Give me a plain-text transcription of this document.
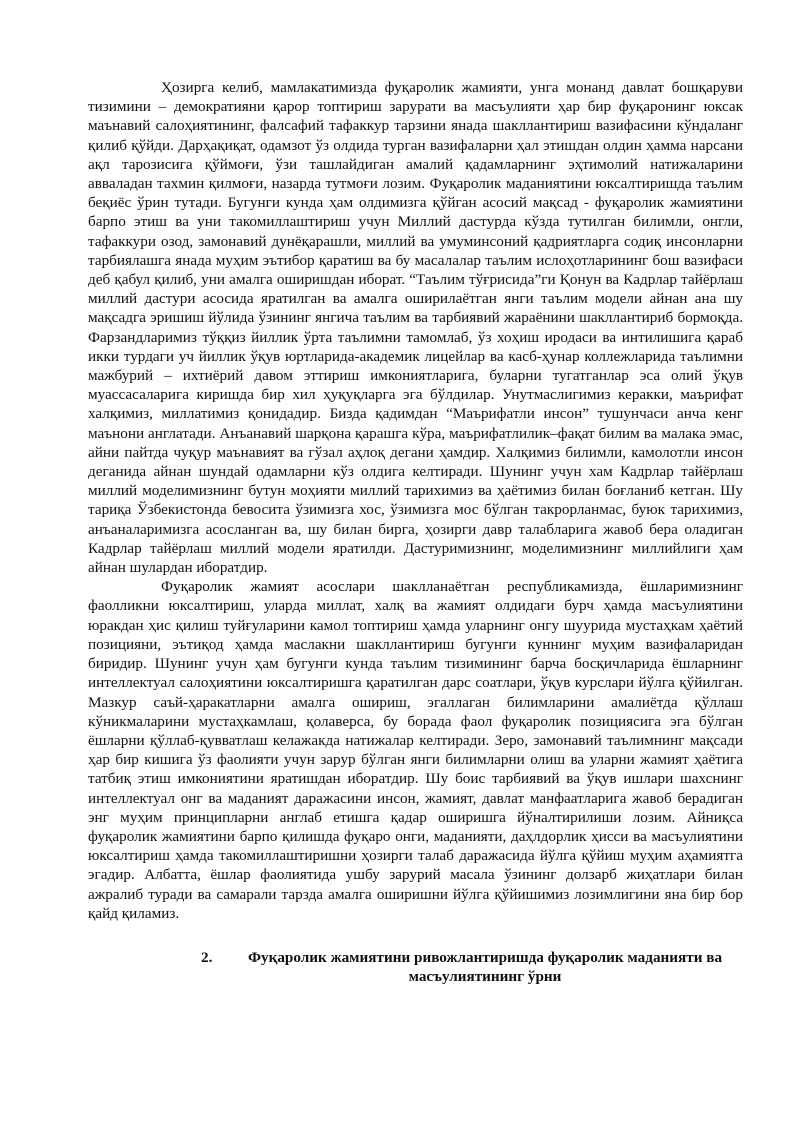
Ҳозирга келиб, мамлакатимизда фуқаролик жамияти, унга монанд давлат бошқаруви тизимини – демократияни қарор топтириш зарурати ва масъулияти ҳар бир фуқаронинг юксак маънавий салоҳиятининг, фалсафий тафаккур тарзини янада шакллантириш вазифасини кўндаланг қилиб қўйди. Дарҳақиқат, одамзот ўз олдида турган вазифаларни ҳал этишдан олдин ҳамма нарсани ақл тарозисига қўймоғи, ўзи ташлайдиган амалий қадамларнинг эҳтимолий натижаларини авваладан тахмин қилмоғи, назарда тутмоғи лозим. Фуқаролик маданиятини юксалтиришда таълим беқиёс ўрин тутади. Бугунги кунда ҳам олдимизга қўйган асосий мақсад - фуқаролик жамиятини барпо этиш ва уни такомиллаштириш учун Миллий дастурда кўзда тутилган билимли, онгли, тафаккури озод, замонавий дунёқарашли, миллий ва умуминсоний қадриятларга содиқ инсонларни тарбиялашга янада муҳим эътибор қаратиш ва бу масалалар таълим ислоҳотларининг бош вазифаси деб қабул қилиб, уни амалга оширишдан иборат. “Таълим тўғрисида”ги Қонун ва Кадрлар тайёрлаш миллий дастури асосида яратилган ва амалга оширилаётган янги таълим модели айнан ана шу мақсадга эришиш йўлида ўзининг янгича таълим ва тарбиявий жараёнини шакллантириб бормоқда. Фарзандларимиз тўққиз йиллик ўрта таълимни тамомлаб, ўз хоҳиш иродаси ва интилишига қараб икки турдаги уч йиллик ўқув юртларида-академик лицейлар ва касб-ҳунар коллежларида таълимни мажбурий – ихтиёрий давом эттириш имкониятларига, буларни тугатганлар эса олий ўқув муассасаларига киришда бир хил ҳуқуқларга эга бўлдилар. Унутмаслигимиз керакки, маърифат халқимиз, миллатимиз қонидадир. Бизда қадимдан “Маърифатли инсон” тушунчаси анча кенг маънони англатади. Анъанавий шарқона қарашга кўра, маърифатлилик–фақат билим ва малака эмас, айни пайтда чуқур маънавият ва гўзал аҳлоқ дегани ҳамдир. Халқимиз билимли, камолотли инсон деганида айнан шундай одамларни кўз олдига келтиради. Шунинг учун хам Кадрлар тайёрлаш миллий моделимизнинг бутун моҳияти миллий тарихимиз ва ҳаётимиз билан боғланиб кетган. Шу тариқа Ўзбекистонда бевосита ўзимизга хос, ўзимизга мос бўлган такрорланмас, буюк тарихимиз, анъаналаримизга асосланган ва, шу билан бирга, ҳозирги давр талабларига жавоб бера оладиган Кадрлар тайёрлаш миллий модели яратилди. Дастуримизнинг, моделимизнинг миллийлиги ҳам айнан шулардан иборатдир.

Фуқаролик жамият асослари шаклланаётган республикамизда, ёшларимизнинг фаолликни юксалтириш, уларда миллат, халқ ва жамият олдидаги бурч ҳамда масъулиятини юракдан ҳис қилиш туйғуларини камол топтириш ҳамда уларнинг онгу шуурида мустаҳкам ҳаётий позицияни, эътиқод ҳамда маслакни шакллантириш бугунги куннинг муҳим вазифаларидан биридир. Шунинг учун ҳам бугунги кунда таълим тизимининг барча босқичларида ёшларнинг интеллектуал салоҳиятини юксалтиришга қаратилган дарс соатлари, ўқув курслари йўлга қўйилган. Мазкур саъй-ҳаракатларни амалга ошириш, эгаллаган билимларини амалиётда қўллаш кўникмаларини мустаҳкамлаш, қолаверса, бу борада фаол фуқаролик позициясига эга бўлган ёшларни қўллаб-қувватлаш келажакда натижалар келтиради. Зеро, замонавий таълимнинг мақсади ҳар бир кишига ўз фаолияти учун зарур бўлган янги билимларни олиш ва уларни жамият ҳаётига татбиқ этиш имкониятини яратишдан иборатдир. Шу боис тарбиявий ва ўқув ишлари шахснинг интеллектуал онг ва маданият даражасини инсон, жамият, давлат манфаатларига жавоб берадиган энг муҳим принципларни англаб етишга қадар оширишга йўналтирилиши лозим. Айниқса фуқаролик жамиятини барпо қилишда фуқаро онги, маданияти, даҳлдорлик ҳисси ва масъулиятини юксалтириш ҳамда такомиллаштиришни ҳозирги талаб даражасида йўлга қўйиш муҳим аҳамиятга эгадир. Албатта, ёшлар фаолиятида ушбу зарурий масала ўзининг долзарб жиҳатлари билан ажралиб туради ва самарали тарзда амалга оширишни йўлга қўйишимиз лозимлигини яна бир бор қайд қиламиз.

2.	Фуқаролик жамиятини ривожлантиришда фуқаролик маданияти ва масъулиятининг ўрни
